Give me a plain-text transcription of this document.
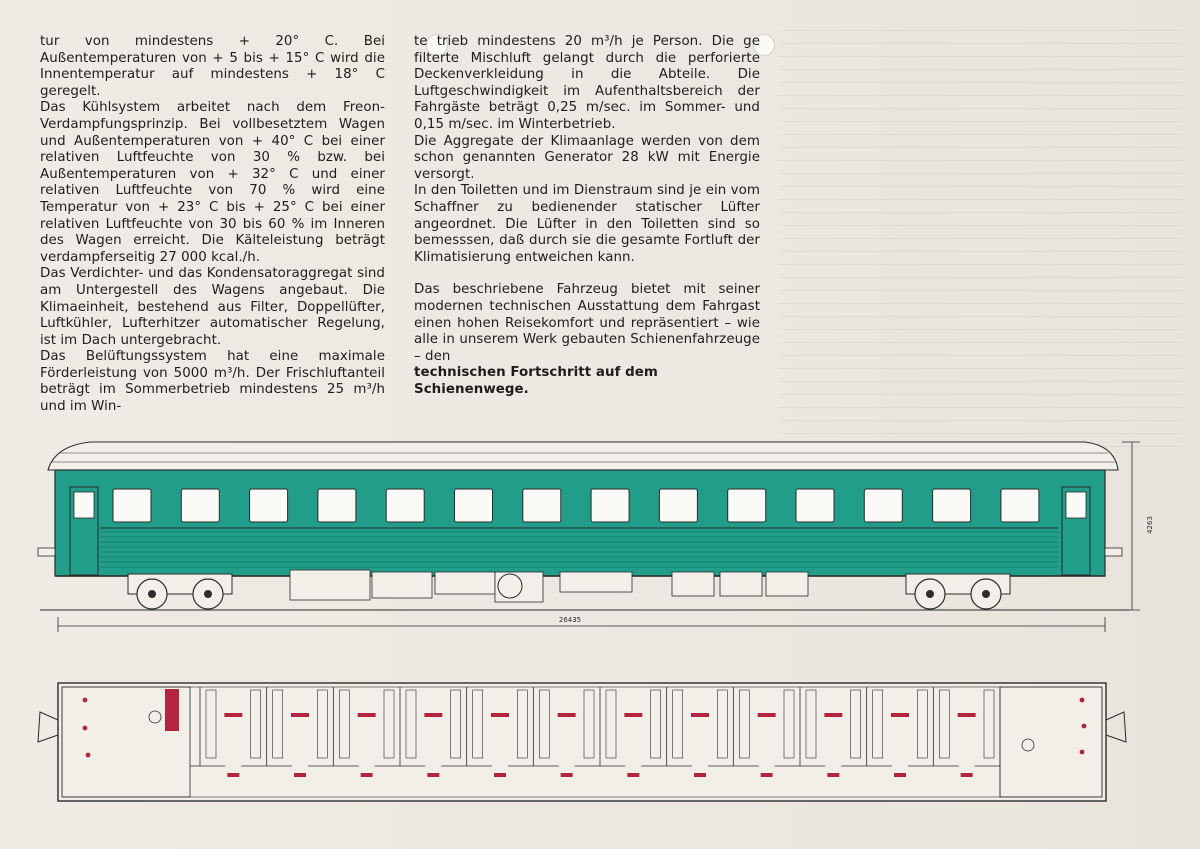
tur von mindestens + 20° C. Bei Außentemperaturen von + 5 bis + 15° C wird die Innentemperatur auf mindestens + 18° C geregelt.

Das Kühlsystem arbeitet nach dem Freon-Verdampfungsprinzip. Bei vollbesetztem Wagen und Außentemperaturen von + 40° C bei einer relativen Luftfeuchte von 30 % bzw. bei Außentemperaturen von + 32° C und einer relativen Luftfeuchte von 70 % wird eine Temperatur von + 23° C bis + 25° C bei einer relativen Luftfeuchte von 30 bis 60 % im Inneren des Wagen erreicht. Die Kälteleistung beträgt verdampferseitig 27 000 kcal./h.

Das Verdichter- und das Kondensatoraggregat sind am Untergestell des Wagens angebaut. Die Klimaeinheit, bestehend aus Filter, Doppellüfter, Luftkühler, Lufterhitzer automatischer Regelung, ist im Dach untergebracht.

Das Belüftungssystem hat eine maximale Förderleistung von 5000 m³/h. Der Frischluftanteil beträgt im Sommerbetrieb mindestens 25 m³/h und im Win-

te trieb mindestens 20 m³/h je Person. Die ge filterte Mischluft gelangt durch die perforierte Deckenverkleidung in die Abteile. Die Luftgeschwindigkeit im Aufenthaltsbereich der Fahrgäste beträgt 0,25 m/sec. im Sommer- und 0,15 m/sec. im Winterbetrieb.

Die Aggregate der Klimaanlage werden von dem schon genannten Generator 28 kW mit Energie versorgt.

In den Toiletten und im Dienstraum sind je ein vom Schaffner zu bedienender statischer Lüfter angeordnet. Die Lüfter in den Toiletten sind so bemesssen, daß durch sie die gesamte Fortluft der Klimatisierung entweichen kann.

Das beschriebene Fahrzeug bietet mit seiner modernen technischen Ausstattung dem Fahrgast einen hohen Reisekomfort und repräsentiert – wie alle in unserem Werk gebauten Schienenfahrzeuge – den

technischen Fortschritt auf dem Schienenwege.

26435
4263
